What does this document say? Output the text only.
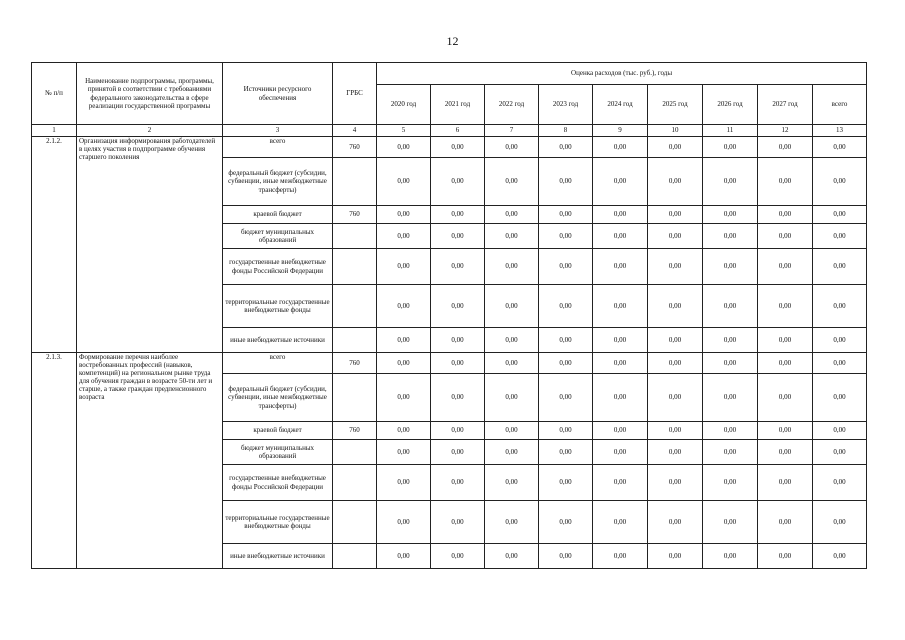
12
№ п/п	Наименование подпрограммы, программы, принятой в соответствии с требованиями федерального законодательства в сфере реализации государственной программы	Источники ресурсного обеспечения	ГРБС	Оценка расходов (тыс. руб.), годы								
				2020 год	2021 год	2022 год	2023 год	2024 год	2025 год	2026 год	2027 год	всего
1	2	3	4	5	6	7	8	9	10	11	12	13
2.1.2.	Организация информирования работодателей в целях участия в подпрограмме обучения старшего поколения	всего	760	0,00	0,00	0,00	0,00	0,00	0,00	0,00	0,00	0,00
		федеральный бюджет (субсидии, субвенции, иные межбюджетные трансферты)		0,00	0,00	0,00	0,00	0,00	0,00	0,00	0,00	0,00
		краевой бюджет	760	0,00	0,00	0,00	0,00	0,00	0,00	0,00	0,00	0,00
		бюджет муниципальных образований		0,00	0,00	0,00	0,00	0,00	0,00	0,00	0,00	0,00
		государственные внебюджетные фонды Российской Федерации		0,00	0,00	0,00	0,00	0,00	0,00	0,00	0,00	0,00
		территориальные государственные внебюджетные фонды		0,00	0,00	0,00	0,00	0,00	0,00	0,00	0,00	0,00
		иные внебюджетные источники		0,00	0,00	0,00	0,00	0,00	0,00	0,00	0,00	0,00
2.1.3.	Формирование перечня наиболее востребованных профессий (навыков, компетенций) на региональном рынке труда для обучения граждан в возрасте 50-ти лет и старше, а также граждан предпенсионного возраста	всего	760	0,00	0,00	0,00	0,00	0,00	0,00	0,00	0,00	0,00
		федеральный бюджет (субсидии, субвенции, иные межбюджетные трансферты)		0,00	0,00	0,00	0,00	0,00	0,00	0,00	0,00	0,00
		краевой бюджет	760	0,00	0,00	0,00	0,00	0,00	0,00	0,00	0,00	0,00
		бюджет муниципальных образований		0,00	0,00	0,00	0,00	0,00	0,00	0,00	0,00	0,00
		государственные внебюджетные фонды Российской Федерации		0,00	0,00	0,00	0,00	0,00	0,00	0,00	0,00	0,00
		территориальные государственные внебюджетные фонды		0,00	0,00	0,00	0,00	0,00	0,00	0,00	0,00	0,00
		иные внебюджетные источники		0,00	0,00	0,00	0,00	0,00	0,00	0,00	0,00	0,00
